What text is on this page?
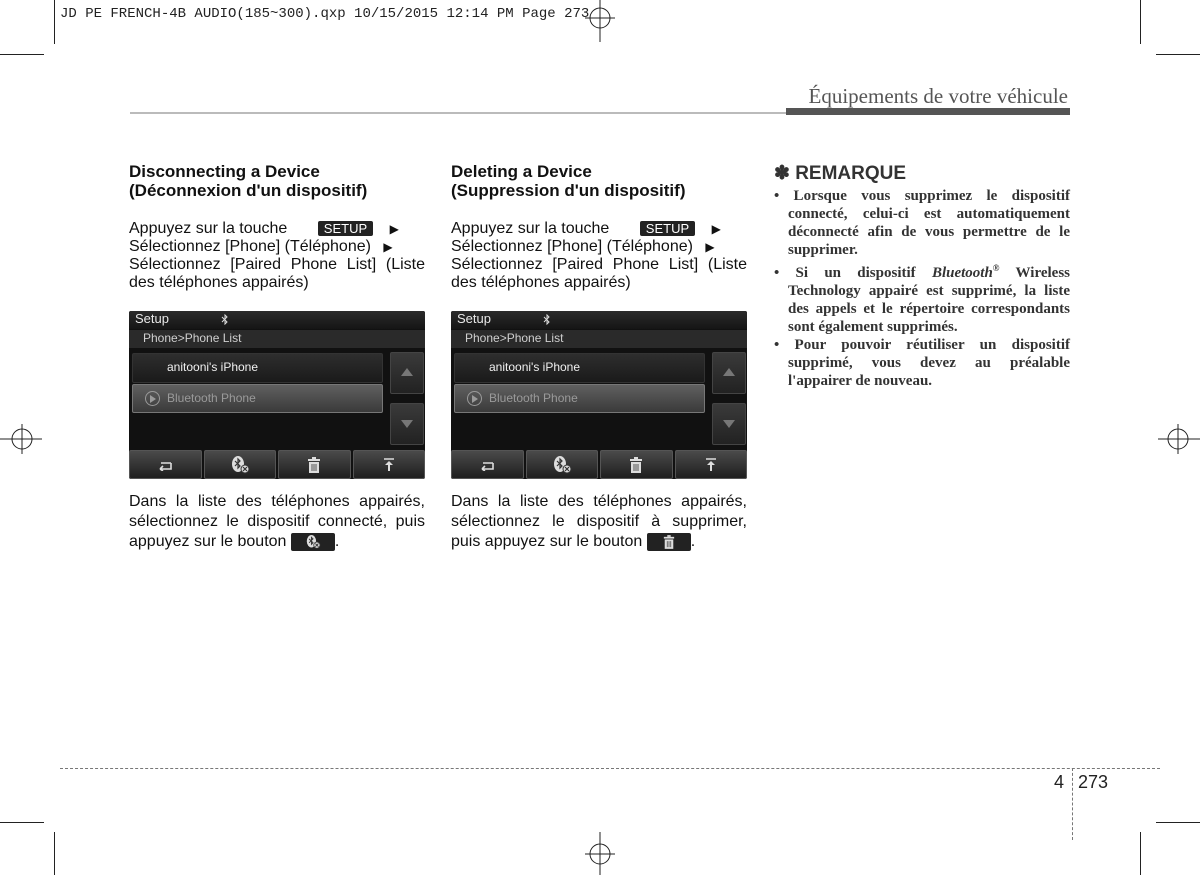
JD PE FRENCH-4B AUDIO(185~300).qxp 10/15/2015 12:14 PM Page 273
Équipements de votre véhicule
Disconnecting a Device
(Déconnexion d'un dispositif)

Appuyez sur la touche	SETUP ▶

Sélectionnez [Phone] (Téléphone) ▶

Sélectionnez [Paired Phone List] (Liste des téléphones appairés)

Setup
Phone>Phone List
anitooni's iPhone
Bluetooth Phone

Dans la liste des téléphones appairés, sélectionnez le dispositif connecté, puis appuyez sur le bouton	.

Deleting a Device
(Suppression d'un dispositif)

Appuyez sur la touche	SETUP ▶

Sélectionnez [Phone] (Téléphone) ▶

Sélectionnez [Paired Phone List] (Liste des téléphones appairés)

Setup
Phone>Phone List
anitooni's iPhone
Bluetooth Phone

Dans la liste des téléphones appairés, sélectionnez le dispositif à supprimer, puis appuyez sur le bouton	.

✽ REMARQUE
• Lorsque vous supprimez le dispositif connecté, celui-ci est automatiquement déconnecté afin de vous permettre de le supprimer.
• Si un dispositif Bluetooth® Wireless Technology appairé est supprimé, la liste des appels et le répertoire correspondants sont également supprimés.
• Pour pouvoir réutiliser un dispositif supprimé, vous devez au préalable l'appairer de nouveau.
4 273
